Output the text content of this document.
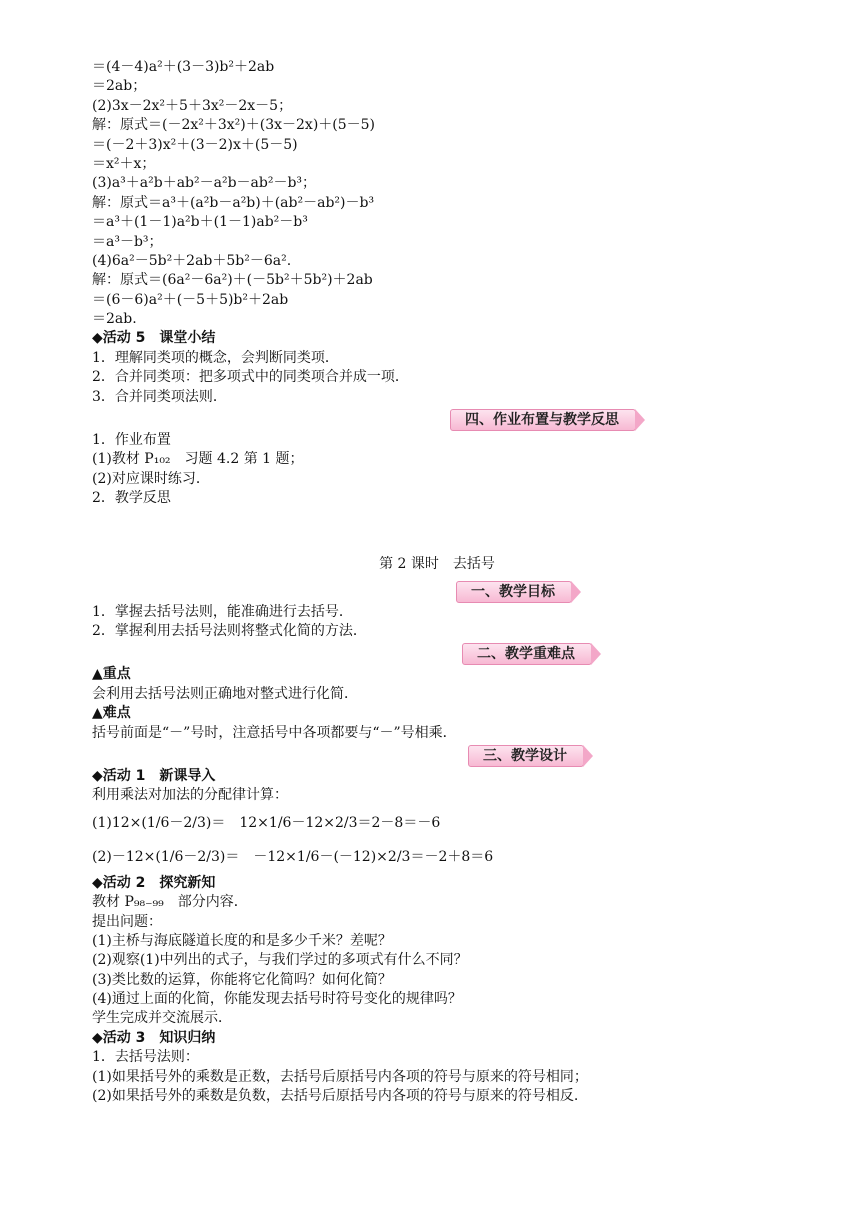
＝(4－4)a²＋(3－3)b²＋2ab
＝2ab；
(2)3x－2x²＋5＋3x²－2x－5；
解：原式＝(－2x²＋3x²)＋(3x－2x)＋(5－5)
＝(－2＋3)x²＋(3－2)x＋(5－5)
＝x²＋x；
(3)a³＋a²b＋ab²－a²b－ab²－b³；
解：原式＝a³＋(a²b－a²b)＋(ab²－ab²)－b³
＝a³＋(1－1)a²b＋(1－1)ab²－b³
＝a³－b³；
(4)6a²－5b²＋2ab＋5b²－6a².
解：原式＝(6a²－6a²)＋(－5b²＋5b²)＋2ab
＝(6－6)a²＋(－5＋5)b²＋2ab
＝2ab.
◆活动 5　课堂小结
1．理解同类项的概念，会判断同类项．
2．合并同类项：把多项式中的同类项合并成一项．
3．合并同类项法则．
四、作业布置与教学反思
1．作业布置
(1)教材 P₁₀₂　习题 4.2 第 1 题；
(2)对应课时练习．
2．教学反思
第 2 课时　去括号
一、教学目标
1．掌握去括号法则，能准确进行去括号．
2．掌握利用去括号法则将整式化简的方法．
二、教学重难点
▲重点
会利用去括号法则正确地对整式进行化简．
▲难点
括号前面是“－”号时，注意括号中各项都要与“－”号相乘．
三、教学设计
◆活动 1　新课导入
利用乘法对加法的分配律计算：
(1)12×(1/6－2/3)＝　12×1/6－12×2/3＝2－8＝－6　
(2)－12×(1/6－2/3)＝　－12×1/6－(－12)×2/3＝－2＋8＝6　
◆活动 2　探究新知
教材 P₉₈₋₉₉　部分内容．
提出问题：
(1)主桥与海底隧道长度的和是多少千米？差呢？
(2)观察(1)中列出的式子，与我们学过的多项式有什么不同？
(3)类比数的运算，你能将它化简吗？如何化简？
(4)通过上面的化简，你能发现去括号时符号变化的规律吗？
学生完成并交流展示．
◆活动 3　知识归纳
1．去括号法则：
(1)如果括号外的乘数是正数，去括号后原括号内各项的符号与原来的符号相同；
(2)如果括号外的乘数是负数，去括号后原括号内各项的符号与原来的符号相反.
